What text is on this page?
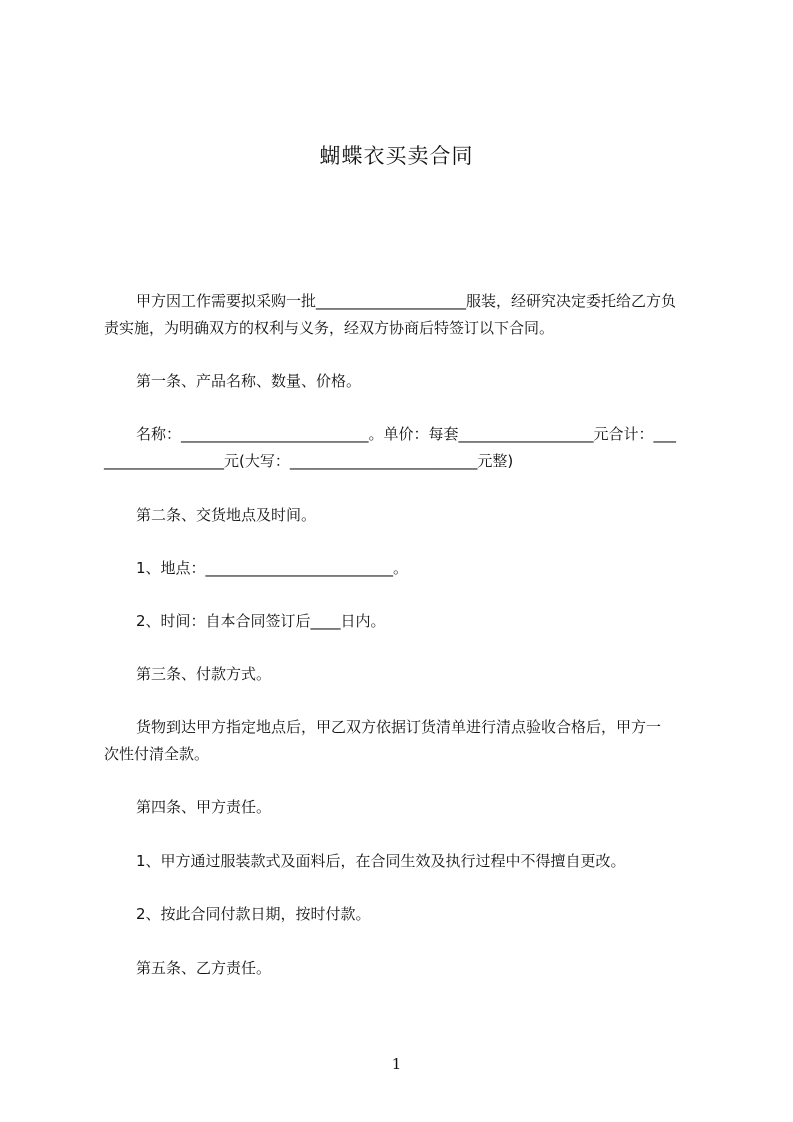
蝴蝶衣买卖合同
甲方因工作需要拟采购一批____________________服装，经研究决定委托给乙方负
责实施，为明确双方的权利与义务，经双方协商后特签订以下合同。
第一条、产品名称、数量、价格。
名称：_________________________。单价：每套__________________元合计：___
________________元(大写：_________________________元整)
第二条、交货地点及时间。
1、地点：_________________________。
2、时间：自本合同签订后____日内。
第三条、付款方式。
货物到达甲方指定地点后，甲乙双方依据订货清单进行清点验收合格后，甲方一
次性付清全款。
第四条、甲方责任。
1、甲方通过服装款式及面料后，在合同生效及执行过程中不得擅自更改。
2、按此合同付款日期，按时付款。
第五条、乙方责任。
1
